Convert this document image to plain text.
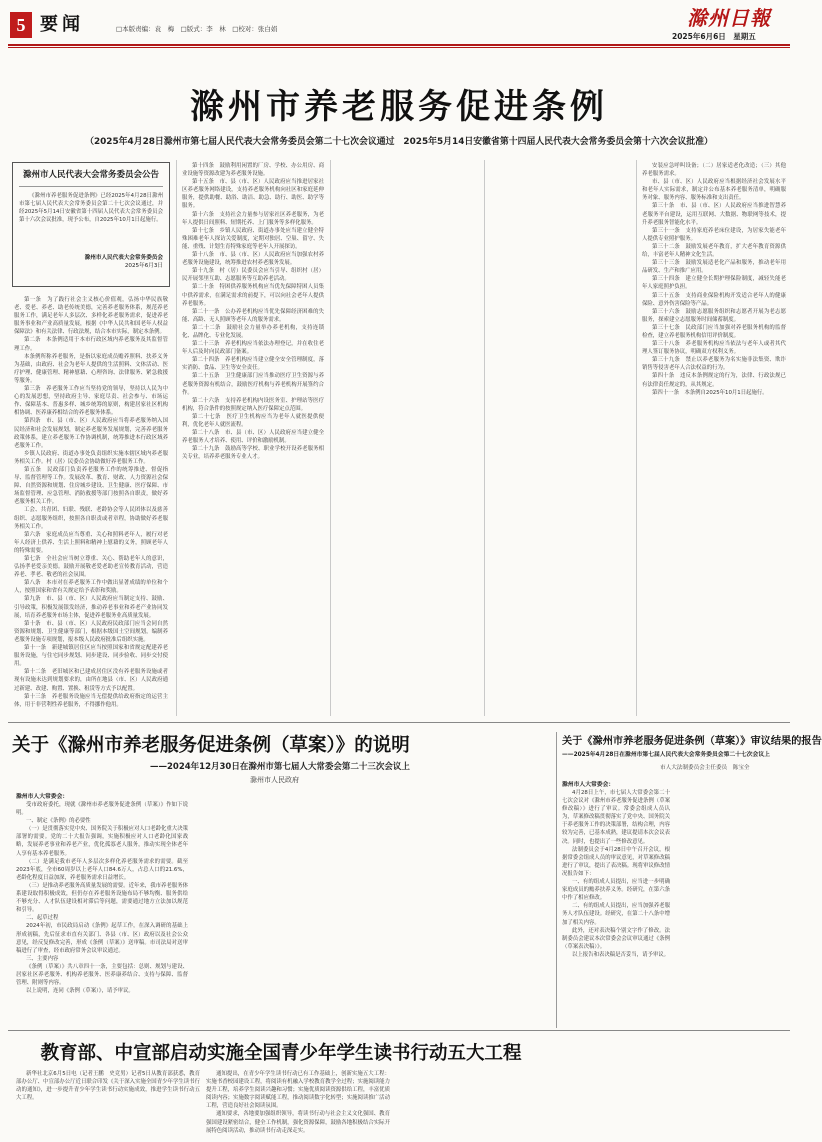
5 要闻	□本版责编：袁　梅　□版式：李　林　□校对：张白娟	滁州日報
2025年6月6日　星期五
滁州市养老服务促进条例
（2025年4月28日滁州市第七届人民代表大会常务委员会第二十七次会议通过　2025年5月14日安徽省第十四届人民代表大会常务委员会第十六次会议批准）
滁州市人民代表大会常务委员会公告
《滁州市养老服务促进条例》已经2025年4月28日滁州市第七届人民代表大会常务委员会第二十七次会议通过，并经2025年5月14日安徽省第十四届人民代表大会常务委员会第十六次会议批准，现予公布，自2025年10月1日起施行。
滁州市人民代表大会常务委员会
2025年6月3日

第一条　为了践行社会主义核心价值观，弘扬中华民族敬老、爱老、养老、助老传统美德，完善养老服务体系，规范养老服务工作，满足老年人多层次、多样化养老服务需求，促进养老服务事业和产业高质量发展，根据《中华人民共和国老年人权益保障法》和有关法律、行政法规，结合本市实际，制定本条例。

第二条　本条例适用于本市行政区域内养老服务及其监督管理工作。

本条例所称养老服务，是指以家庭成员赡养照料、扶养义务为基础，由政府、社会为老年人提供的生活照料、文体活动、医疗护理、健康管理、精神慰藉、心理咨询、法律服务、紧急救援等服务。

第三条　养老服务工作应当坚持党的领导，坚持以人民为中心的发展思想，坚持政府主导、家庭尽责、社会参与、市场运作、保障基本、普惠多样、城乡统筹的原则，构建居家社区机构相协调、医养康养相结合的养老服务体系。

第四条　市、县（市、区）人民政府应当将养老服务纳入国民经济和社会发展规划，制定养老服务发展规划，完善养老服务政策体系，建立养老服务工作协调机制，统筹推进本行政区域养老服务工作。

乡镇人民政府、街道办事处负责组织实施本辖区域内养老服务相关工作。村（居）民委员会协助做好养老服务工作。

第五条　民政部门负责养老服务工作的统筹推进、督促指导、监督管理等工作。发展改革、教育、财政、人力资源社会保障、自然资源和规划、住房城乡建设、卫生健康、医疗保障、市场监督管理、应急管理、消防救援等部门按照各自职责，做好养老服务相关工作。

工会、共青团、妇联、残联、老龄协会等人民团体以及慈善组织、志愿服务组织，按照各自职责或者章程，协助做好养老服务相关工作。

第六条　家庭成员应当尊重、关心和照料老年人，履行对老年人经济上供养、生活上照料和精神上慰藉的义务，照顾老年人的特殊需要。

第七条　全社会应当树立尊重、关心、帮助老年人的意识，弘扬孝老爱亲美德。鼓励开展敬老爱老助老宣传教育活动，营造养老、孝老、敬老的社会氛围。

第八条　本市对在养老服务工作中做出显著成绩的单位和个人，按照国家和省有关规定给予表彰和奖励。

第九条　市、县（市、区）人民政府应当制定支持、鼓励、引导政策，积极发展银发经济，推动养老事业和养老产业协同发展，培育养老服务市场主体，促进养老服务业高质量发展。

第十条　市、县（市、区）人民政府民政部门应当会同自然资源和规划、卫生健康等部门，根据本级国土空间规划，编制养老服务设施专项规划，报本级人民政府批准后组织实施。

第十一条　新建城镇居住区应当按照国家和省规定配建养老服务设施，与住宅同步规划、同步建设、同步验收、同步交付使用。

第十二条　老旧城区和已建成居住区没有养老服务设施或者现有设施未达到规划要求的，由所在地县（市、区）人民政府通过新建、改建、购置、置换、租赁等方式予以配置。

第十三条　养老服务设施应当无偿提供给政府指定的运营主体，用于非营利性养老服务，不得挪作他用。

第十四条　鼓励利用闲置的厂房、学校、办公用房、商业设施等资源改建为养老服务设施。

第十五条　市、县（市、区）人民政府应当推进居家社区养老服务网络建设，支持养老服务机构向社区和家庭延伸服务，提供助餐、助浴、助洁、助急、助行、助医、助学等服务。

第十六条　支持社会力量参与居家社区养老服务，为老年人提供日间照料、短期托养、上门服务等多样化服务。

第十七条　乡镇人民政府、街道办事处应当建立健全特殊困难老年人探访关爱制度，定期对独居、空巢、留守、失能、重残、计划生育特殊家庭等老年人开展探访。

第十八条　市、县（市、区）人民政府应当加强农村养老服务设施建设，统筹推进农村养老服务发展。

第十九条　村（居）民委员会应当引导、组织村（居）民开展邻里互助、志愿服务等互助养老活动。

第二十条　特困供养服务机构应当优先保障特困人员集中供养需求，在满足需求的前提下，可以向社会老年人提供养老服务。

第二十一条　公办养老机构应当优先保障经济困难的失能、高龄、无人照顾等老年人的服务需求。

第二十二条　鼓励社会力量举办养老机构，支持连锁化、品牌化、专业化发展。

第二十三条　养老机构应当依法办理登记，并在收住老年人后及时向民政部门备案。

第二十四条　养老机构应当建立健全安全管理制度，落实消防、食品、卫生等安全责任。

第二十五条　卫生健康部门应当推动医疗卫生资源与养老服务资源有机结合，鼓励医疗机构与养老机构开展签约合作。

第二十六条　支持养老机构内设医务室、护理站等医疗机构，符合条件的按照规定纳入医疗保障定点范围。

第二十七条　医疗卫生机构应当为老年人就医提供便利，优化老年人就医流程。

第二十八条　市、县（市、区）人民政府应当建立健全养老服务人才培养、使用、评价和激励机制。

第二十九条　鼓励高等学校、职业学校开设养老服务相关专业，培养养老服务专业人才。

安装应急呼叫设备；（二）居家适老化改造；（三）其他养老服务需求。

市、县（市、区）人民政府应当根据经济社会发展水平和老年人实际需求，制定并公布基本养老服务清单，明确服务对象、服务内容、服务标准和支出责任。

第三十条　市、县（市、区）人民政府应当推进智慧养老服务平台建设，运用互联网、大数据、物联网等技术，提升养老服务智能化水平。

第三十一条　支持家庭养老床位建设，为居家失能老年人提供专业照护服务。

第三十二条　鼓励发展老年教育，扩大老年教育资源供给，丰富老年人精神文化生活。

第三十三条　鼓励发展适老化产品和服务，推动老年用品研发、生产和推广应用。

第三十四条　建立健全长期护理保险制度，减轻失能老年人家庭照护负担。

第三十五条　支持商业保险机构开发适合老年人的健康保险、意外伤害保险等产品。

第三十六条　鼓励志愿服务组织和志愿者开展为老志愿服务，探索建立志愿服务时间储蓄制度。

第三十七条　民政部门应当加强对养老服务机构的监督检查，建立养老服务机构信用评价制度。

第三十八条　养老服务机构应当依法与老年人或者其代理人签订服务协议，明确双方权利义务。

第三十九条　禁止以养老服务为名实施非法集资、欺诈销售等侵害老年人合法权益的行为。

第四十条　违反本条例规定的行为，法律、行政法规已有法律责任规定的，从其规定。

第四十一条　本条例自2025年10月1日起施行。

关于《滁州市养老服务促进条例（草案）》的说明
——2024年12月30日在滁州市第七届人大常委会第二十三次会议上
滁州市人民政府
滁州市人大常委会：

受市政府委托，现就《滁州市养老服务促进条例（草案）》作如下说明。

一、制定《条例》的必要性

（一）是贯彻落实党中央、国务院关于积极应对人口老龄化重大决策部署的需要。党的二十大报告强调，实施积极应对人口老龄化国家战略，发展养老事业和养老产业，优化孤寡老人服务，推动实现全体老年人享有基本养老服务。

（二）是满足我市老年人多层次多样化养老服务需求的需要。截至2023年底，全市60周岁以上老年人口84.6万人，占总人口的21.6%，老龄化程度日益加深，养老服务需求日益增长。

（三）是推动养老服务高质量发展的需要。近年来，我市养老服务体系建设取得积极成效，但仍存在养老服务设施布局不够均衡、服务供给不够充分、人才队伍建设相对滞后等问题，需要通过地方立法加以规范和引导。

二、起草过程

2024年初，市民政局启动《条例》起草工作，在深入调研的基础上形成初稿，先后征求市直有关部门、各县（市、区）政府以及社会公众意见，经反复修改完善，形成《条例（草案）》送审稿。市司法局对送审稿进行了审查，经市政府常务会议审议通过。

三、主要内容

《条例（草案）》共八章四十一条，主要包括：总则、规划与建设、居家社区养老服务、机构养老服务、医养康养结合、支持与保障、监督管理、附则等内容。

以上说明，连同《条例（草案）》，请予审议。

关于《滁州市养老服务促进条例（草案）》审议结果的报告
——2025年4月28日在滁州市第七届人民代表大会常务委员会第二十七次会议上
市人大法制委员会主任委员　陈宝全
滁州市人大常委会：

4月28日上午，市七届人大常委会第二十七次会议对《滁州市养老服务促进条例（草案修改稿）》进行了审议。常委会组成人员认为，草案修改稿贯彻落实了党中央、国务院关于养老服务工作的决策部署，结构合理，内容较为完善，已基本成熟，建议提请本次会议表决。同时，也提出了一些修改意见。

法制委员会于4月28日中午召开会议，根据常委会组成人员的审议意见，对草案修改稿进行了审议，提出了表决稿。现将审议修改情况报告如下：

一、有的组成人员提出，应当进一步明确家庭成员的赡养扶养义务。经研究，在第六条中作了相应修改。

二、有的组成人员提出，应当加强养老服务人才队伍建设。经研究，在第二十八条中增加了相关内容。

此外，还对表决稿个别文字作了修改。法制委员会建议本次常委会会议审议通过《条例（草案表决稿）》。

以上报告和表决稿是否妥当，请予审议。

教育部、中宣部启动实施全国青少年学生读书行动五大工程

新华社北京6月5日电（记者王鹏　史竞男）记者5日从教育部获悉，教育部办公厅、中宣部办公厅近日联合印发《关于深入实施全国青少年学生读书行动的通知》，进一步提升青少年学生读书行动实施成效，推进学生读书行动五大工程。

通知提出，在青少年学生读书行动已有工作基础上，创新实施五大工程：实施书香校园建设工程，将阅读有机融入学校教育教学全过程；实施阅读能力提升工程，培养学生阅读兴趣和习惯；实施优质阅读资源供给工程，丰富优质阅读内容；实施数字阅读赋能工程，推动阅读数字化转型；实施阅读推广活动工程，营造良好社会阅读氛围。

通知要求，各地要加强组织领导，将读书行动与社会主义文化强国、教育强国建设紧密结合，健全工作机制，强化资源保障，鼓励各地积极结合实际开展特色阅读活动，推动读书行动走深走实。
